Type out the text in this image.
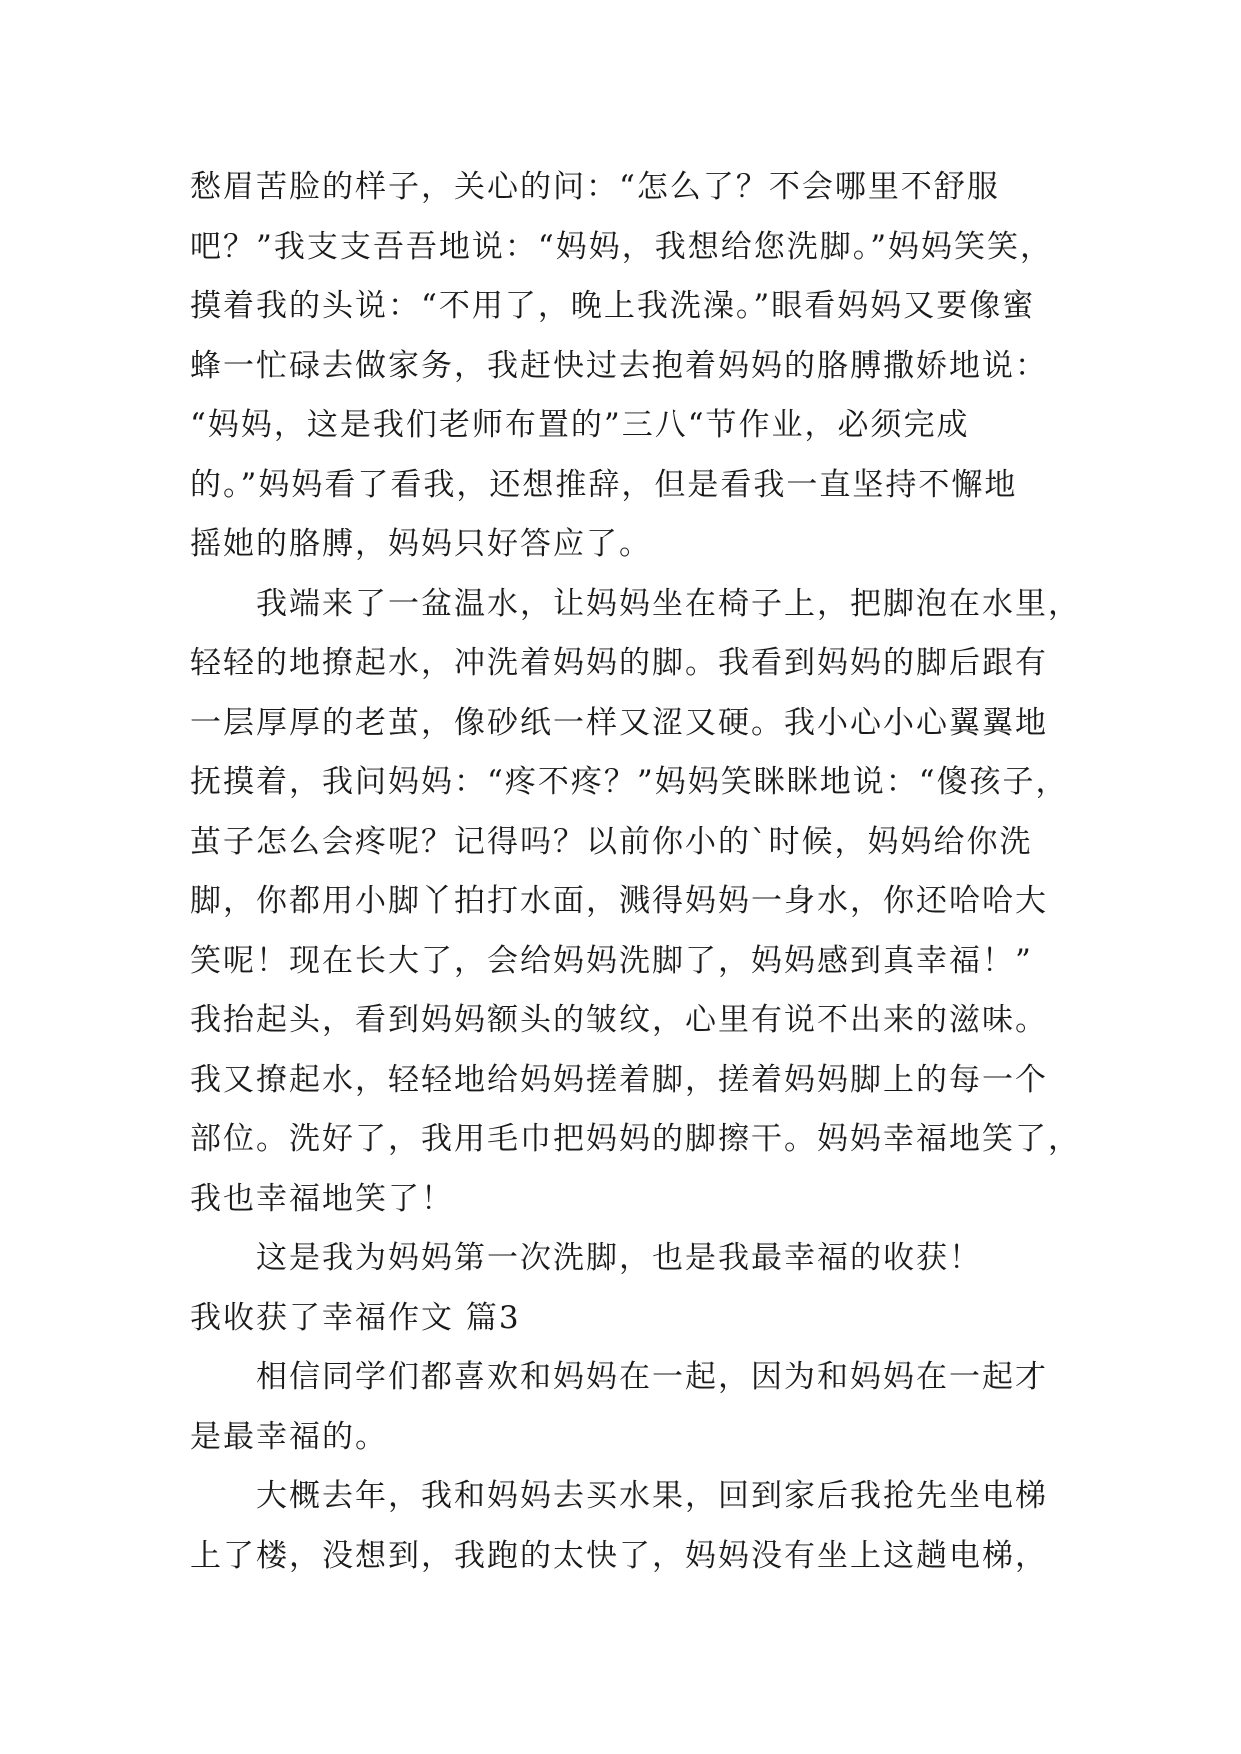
愁眉苦脸的样子，关心的问：“怎么了？不会哪里不舒服
吧？”我支支吾吾地说：“妈妈，我想给您洗脚。”妈妈笑笑，
摸着我的头说：“不用了，晚上我洗澡。”眼看妈妈又要像蜜
蜂一忙碌去做家务，我赶快过去抱着妈妈的胳膊撒娇地说：
“妈妈，这是我们老师布置的”三八“节作业，必须完成
的。”妈妈看了看我，还想推辞，但是看我一直坚持不懈地
摇她的胳膊，妈妈只好答应了。
我端来了一盆温水，让妈妈坐在椅子上，把脚泡在水里，
轻轻的地撩起水，冲洗着妈妈的脚。我看到妈妈的脚后跟有
一层厚厚的老茧，像砂纸一样又涩又硬。我小心小心翼翼地
抚摸着，我问妈妈：“疼不疼？”妈妈笑眯眯地说：“傻孩子，
茧子怎么会疼呢？记得吗？以前你小的`时候，妈妈给你洗
脚，你都用小脚丫拍打水面，溅得妈妈一身水，你还哈哈大
笑呢！现在长大了，会给妈妈洗脚了，妈妈感到真幸福！”
我抬起头，看到妈妈额头的皱纹，心里有说不出来的滋味。
我又撩起水，轻轻地给妈妈搓着脚，搓着妈妈脚上的每一个
部位。洗好了，我用毛巾把妈妈的脚擦干。妈妈幸福地笑了，
我也幸福地笑了！
这是我为妈妈第一次洗脚，也是我最幸福的收获！
我收获了幸福作文 篇3
相信同学们都喜欢和妈妈在一起，因为和妈妈在一起才
是最幸福的。
大概去年，我和妈妈去买水果，回到家后我抢先坐电梯
上了楼，没想到，我跑的太快了，妈妈没有坐上这趟电梯，
